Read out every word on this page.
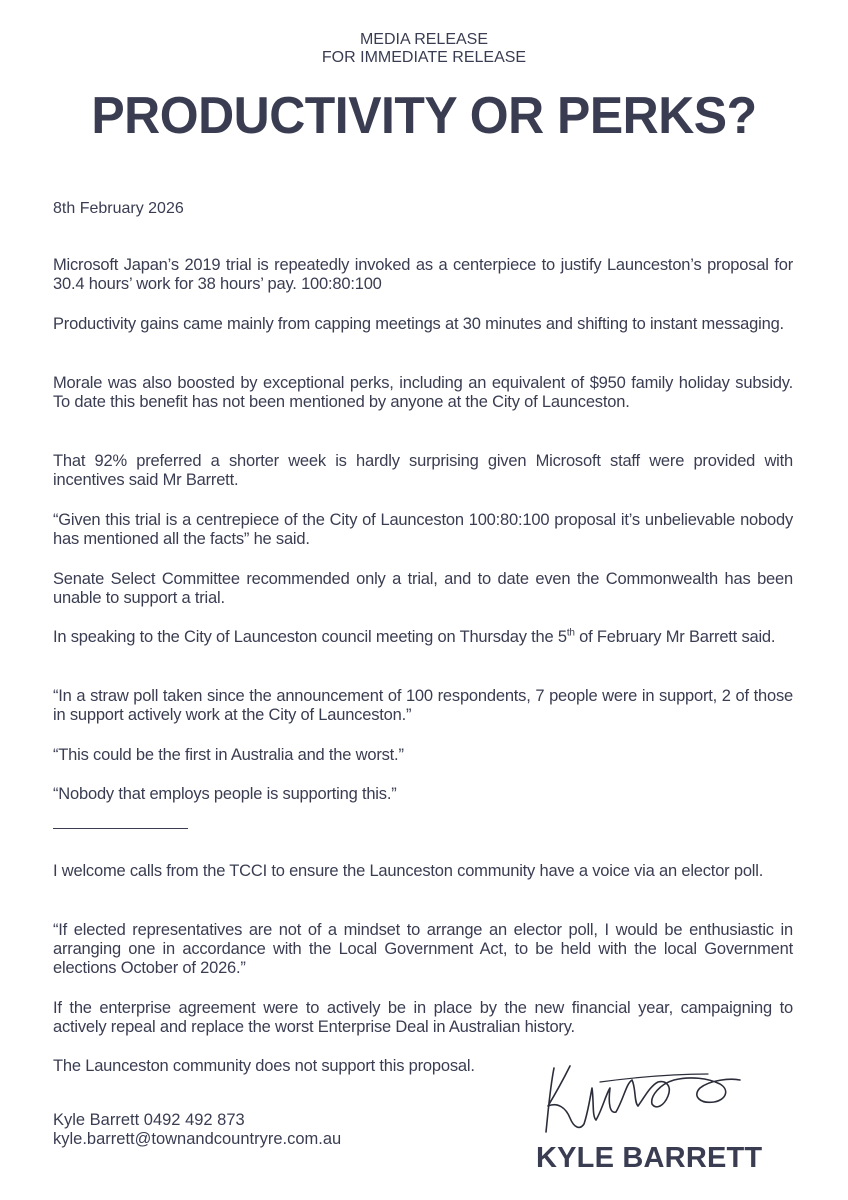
MEDIA RELEASE
FOR IMMEDIATE RELEASE
PRODUCTIVITY OR PERKS?
8th February 2026

Microsoft Japan’s 2019 trial is repeatedly invoked as a centerpiece to justify Launceston’s proposal for 30.4 hours’ work for 38 hours’ pay. 100:80:100

Productivity gains came mainly from capping meetings at 30 minutes and shifting to instant messaging.

Morale was also boosted by exceptional perks, including an equivalent of $950 family holiday subsidy. To date this benefit has not been mentioned by anyone at the City of Launceston.

That 92% preferred a shorter week is hardly surprising given Microsoft staff were provided with incentives said Mr Barrett.

“Given this trial is a centrepiece of the City of Launceston 100:80:100 proposal it’s unbelievable nobody has mentioned all the facts” he said.

Senate Select Committee recommended only a trial, and to date even the Commonwealth has been unable to support a trial.

In speaking to the City of Launceston council meeting on Thursday the 5th of February Mr Barrett said.

“In a straw poll taken since the announcement of 100 respondents, 7 people were in support, 2 of those in support actively work at the City of Launceston.”

“This could be the first in Australia and the worst.”

“Nobody that employs people is supporting this.”

I welcome calls from the TCCI to ensure the Launceston community have a voice via an elector poll.

“If elected representatives are not of a mindset to arrange an elector poll, I would be enthusiastic in arranging one in accordance with the Local Government Act, to be held with the local Government elections October of 2026.”

If the enterprise agreement were to actively be in place by the new financial year, campaigning to actively repeal and replace the worst Enterprise Deal in Australian history.

The Launceston community does not support this proposal.

Kyle Barrett 0492 492 873
kyle.barrett@townandcountryre.com.au
KYLE BARRETT
